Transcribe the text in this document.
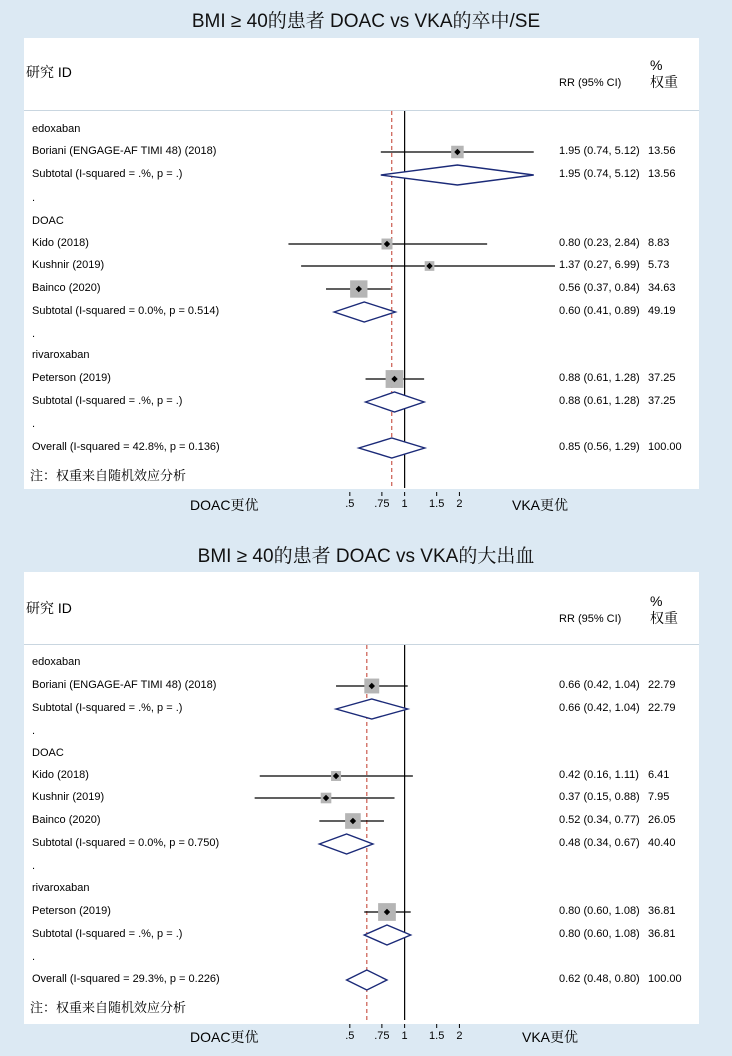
BMI ≥ 40的患者 DOAC vs VKA的卒中/SE
研究 ID
RR (95% CI)
%
权重
.5	.75	1	1.5	2
DOAC更优	VKA更优
注：权重来自随机效应分析
edoxaban
Boriani (ENGAGE-AF TIMI 48) (2018)	1.95 (0.74, 5.12) 13.56
Subtotal (I-squared = .%, p = .)	1.95 (0.74, 5.12) 13.56
.
DOAC
Kido (2018)	0.80 (0.23, 2.84) 8.83
Kushnir (2019)	1.37 (0.27, 6.99) 5.73
Bainco (2020)	0.56 (0.37, 0.84) 34.63
Subtotal (I-squared = 0.0%, p = 0.514)	0.60 (0.41, 0.89) 49.19
.
rivaroxaban
Peterson (2019)	0.88 (0.61, 1.28) 37.25
Subtotal (I-squared = .%, p = .)	0.88 (0.61, 1.28) 37.25
.
Overall (I-squared = 42.8%, p = 0.136)	0.85 (0.56, 1.29) 100.00
BMI ≥ 40的患者 DOAC vs VKA的大出血
研究 ID
RR (95% CI)
%
权重
.5	.75	1	1.5	2
DOAC更优	VKA更优
注：权重来自随机效应分析
edoxaban
Boriani (ENGAGE-AF TIMI 48) (2018)	0.66 (0.42, 1.04) 22.79
Subtotal (I-squared = .%, p = .)	0.66 (0.42, 1.04) 22.79
.
DOAC
Kido (2018)	0.42 (0.16, 1.11) 6.41
Kushnir (2019)	0.37 (0.15, 0.88) 7.95
Bainco (2020)	0.52 (0.34, 0.77) 26.05
Subtotal (I-squared = 0.0%, p = 0.750)	0.48 (0.34, 0.67) 40.40
.
rivaroxaban
Peterson (2019)	0.80 (0.60, 1.08) 36.81
Subtotal (I-squared = .%, p = .)	0.80 (0.60, 1.08) 36.81
.
Overall (I-squared = 29.3%, p = 0.226)	0.62 (0.48, 0.80) 100.00
